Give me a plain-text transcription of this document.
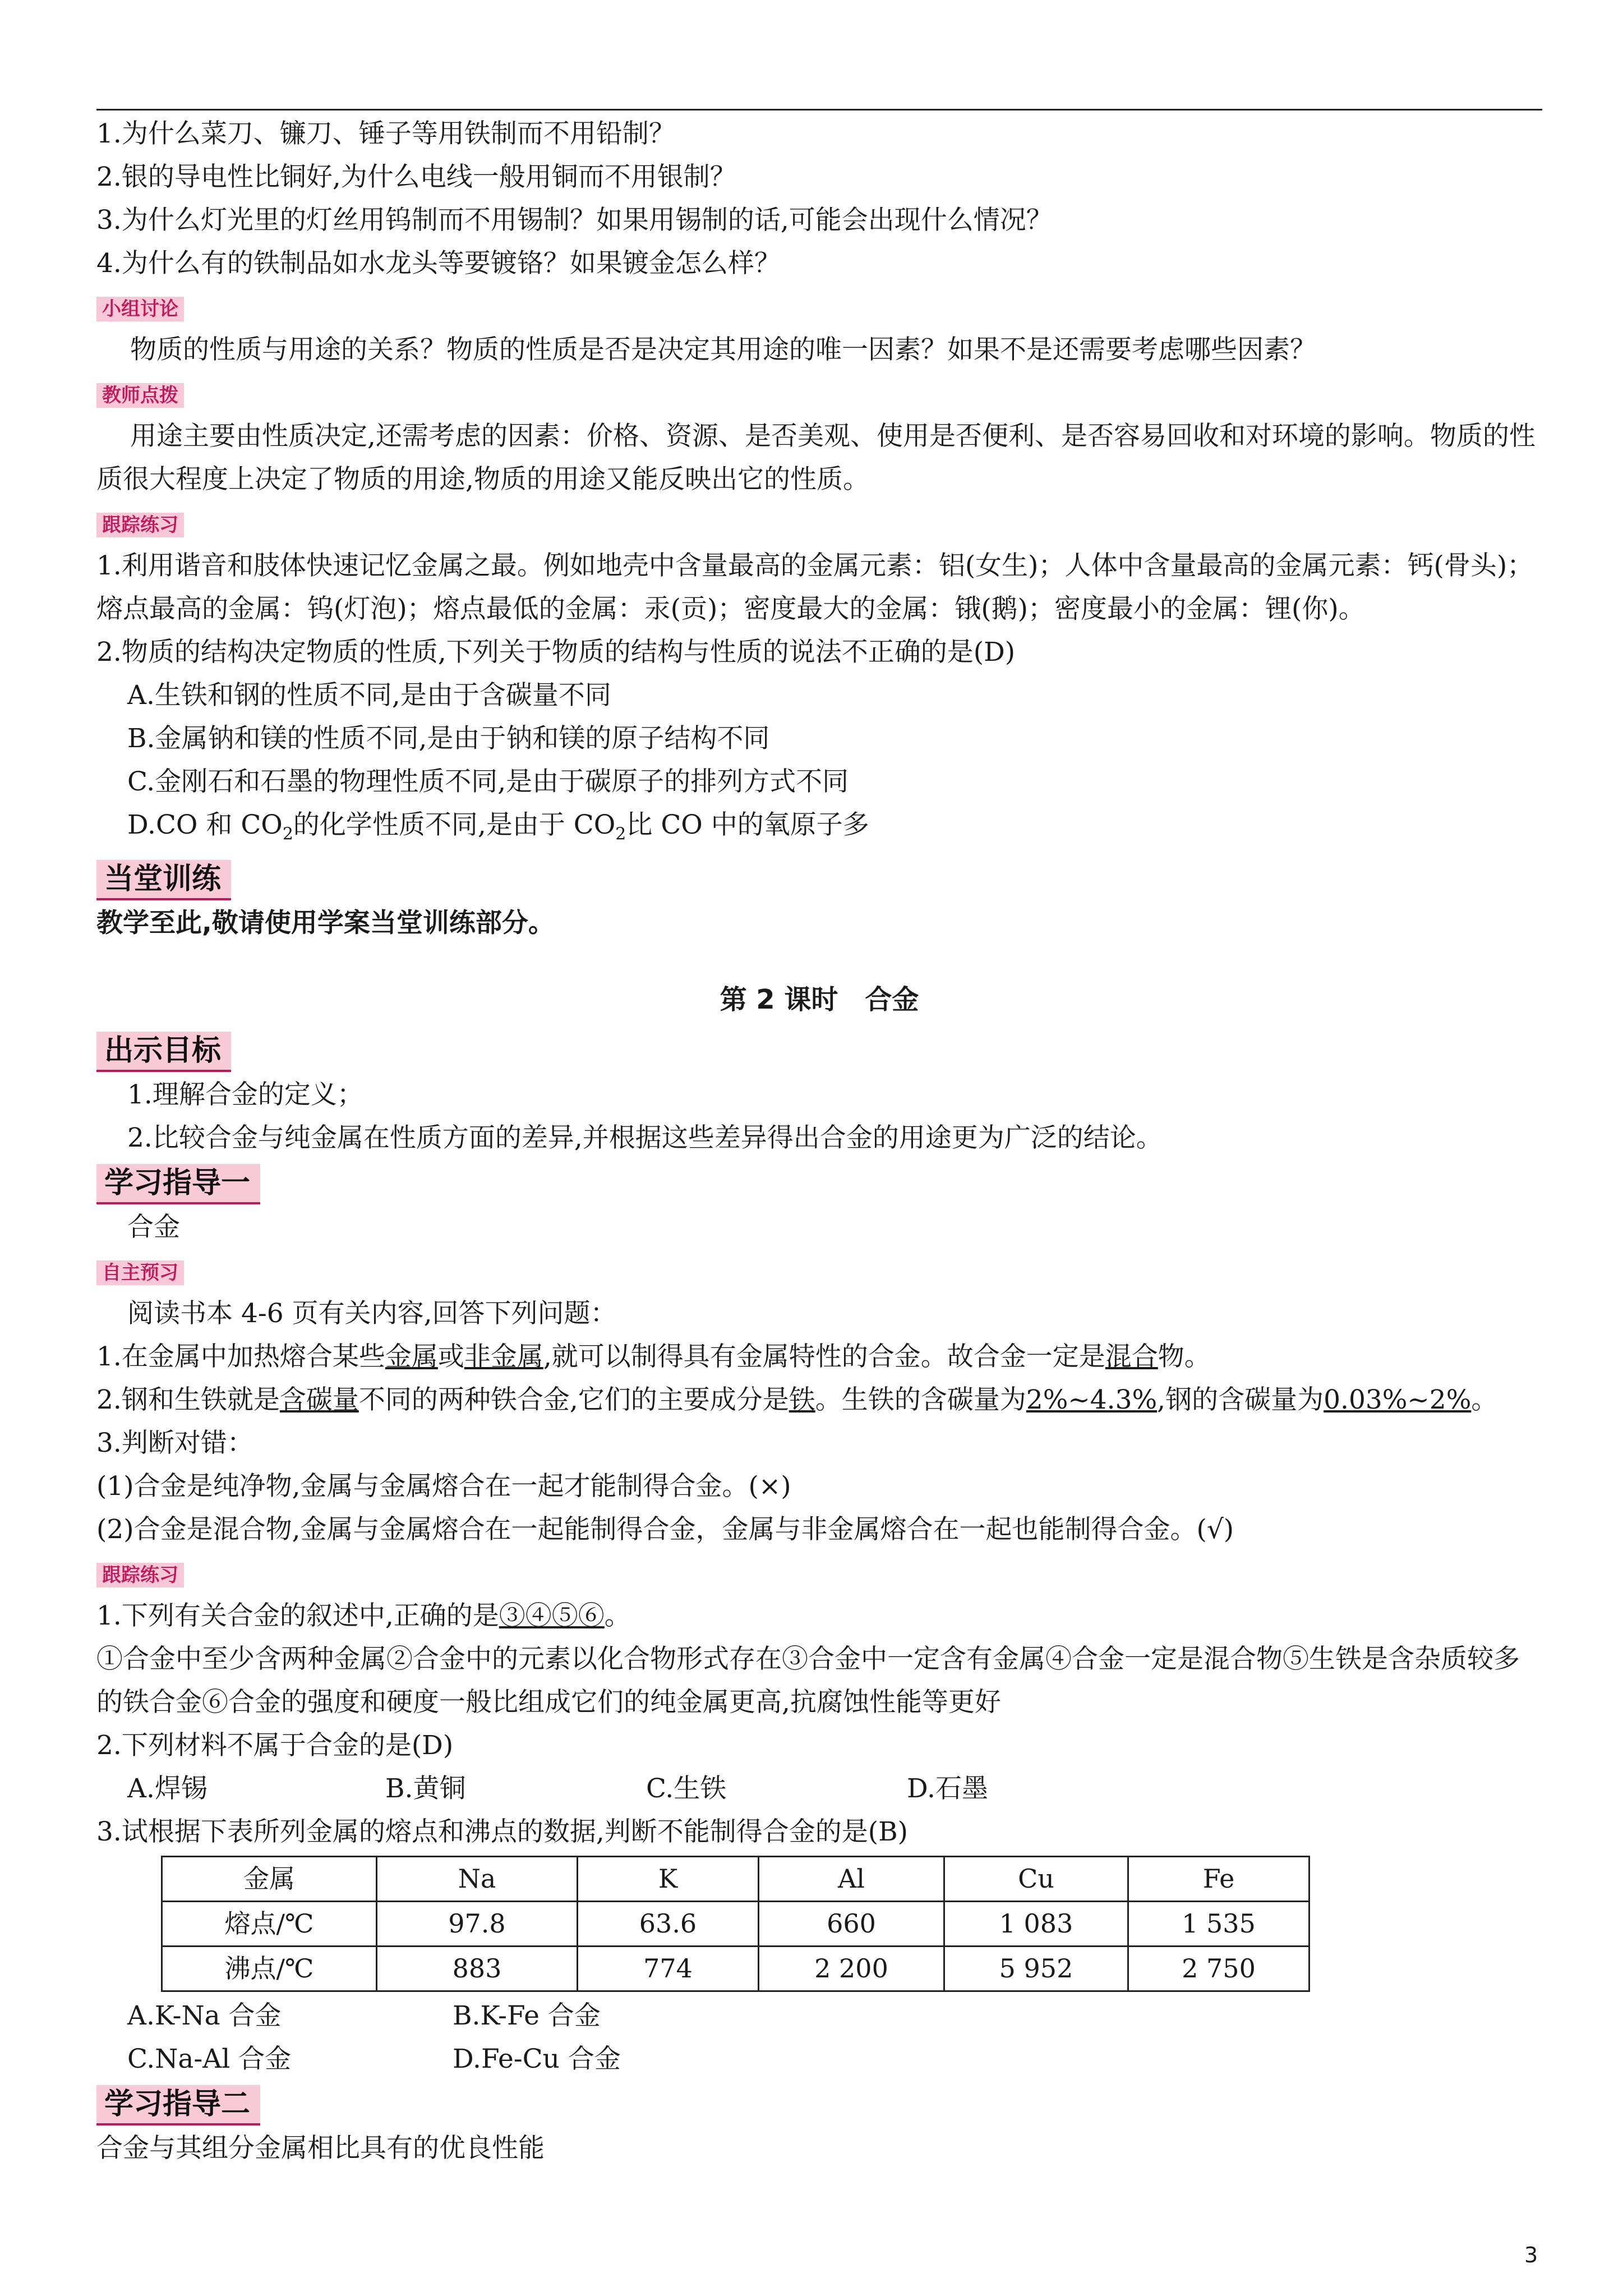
1.为什么菜刀、镰刀、锤子等用铁制而不用铅制？
2.银的导电性比铜好,为什么电线一般用铜而不用银制？
3.为什么灯光里的灯丝用钨制而不用锡制？如果用锡制的话,可能会出现什么情况？
4.为什么有的铁制品如水龙头等要镀铬？如果镀金怎么样？
小组讨论
物质的性质与用途的关系？物质的性质是否是决定其用途的唯一因素？如果不是还需要考虑哪些因素？
教师点拨
用途主要由性质决定,还需考虑的因素：价格、资源、是否美观、使用是否便利、是否容易回收和对环境的影响。物质的性质很大程度上决定了物质的用途,物质的用途又能反映出它的性质。
跟踪练习
1.利用谐音和肢体快速记忆金属之最。例如地壳中含量最高的金属元素：铝(女生)；人体中含量最高的金属元素：钙(骨头)；熔点最高的金属：钨(灯泡)；熔点最低的金属：汞(贡)；密度最大的金属：锇(鹅)；密度最小的金属：锂(你)。
2.物质的结构决定物质的性质,下列关于物质的结构与性质的说法不正确的是(D)
A.生铁和钢的性质不同,是由于含碳量不同
B.金属钠和镁的性质不同,是由于钠和镁的原子结构不同
C.金刚石和石墨的物理性质不同,是由于碳原子的排列方式不同
D.CO 和 $CO_2$的化学性质不同,是由于 $CO_2$比 CO 中的氧原子多
当堂训练
教学至此,敬请使用学案当堂训练部分。
第 2 课时　合金
出示目标
1.理解合金的定义；
2.比较合金与纯金属在性质方面的差异,并根据这些差异得出合金的用途更为广泛的结论。
学习指导一
合金
自主预习
阅读书本 4-6 页有关内容,回答下列问题：
1.在金属中加热熔合某些金属或非金属,就可以制得具有金属特性的合金。故合金一定是混合物。
2.钢和生铁就是含碳量不同的两种铁合金,它们的主要成分是铁。生铁的含碳量为2%~4.3%,钢的含碳量为0.03%~2%。
3.判断对错：
(1)合金是纯净物,金属与金属熔合在一起才能制得合金。(×)
(2)合金是混合物,金属与金属熔合在一起能制得合金，金属与非金属熔合在一起也能制得合金。(√)
跟踪练习
1.下列有关合金的叙述中,正确的是③④⑤⑥。
①合金中至少含两种金属②合金中的元素以化合物形式存在③合金中一定含有金属④合金一定是混合物⑤生铁是含杂质较多的铁合金⑥合金的强度和硬度一般比组成它们的纯金属更高,抗腐蚀性能等更好
2.下列材料不属于合金的是(D)
A.焊锡	B.黄铜	C.生铁	D.石墨
3.试根据下表所列金属的熔点和沸点的数据,判断不能制得合金的是(B)
金属	Na	K	Al	Cu	Fe
熔点/℃	97.8	63.6	660	1 083	1 535
沸点/℃	883	774	2 200	5 952	2 750
A.K-Na 合金	B.K-Fe 合金
C.Na-Al 合金	D.Fe-Cu 合金
学习指导二
合金与其组分金属相比具有的优良性能
3
